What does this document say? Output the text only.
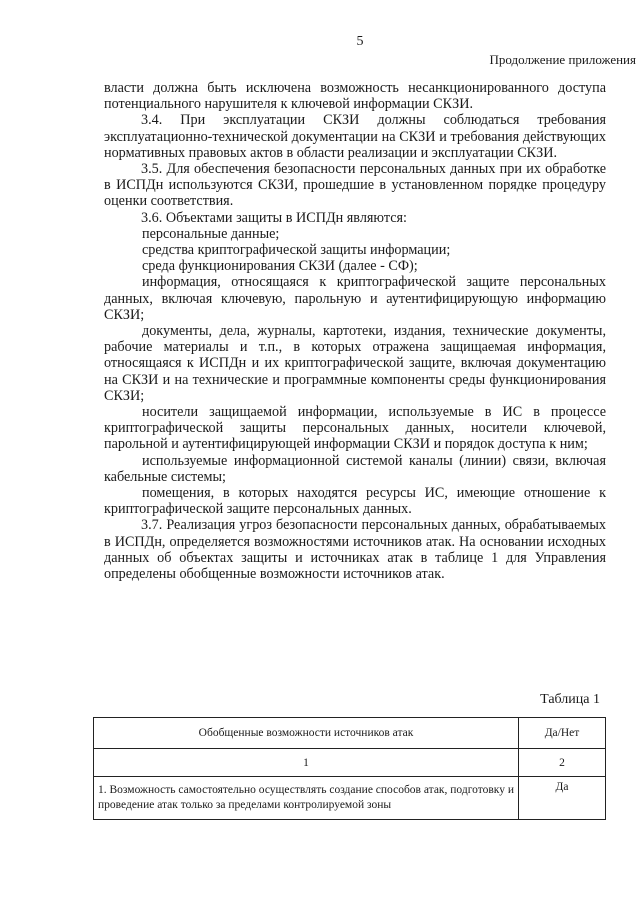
5
Продолжение приложения

власти должна быть исключена возможность несанкционированного доступа потенциального нарушителя к ключевой информации СКЗИ.

3.4. При эксплуатации СКЗИ должны соблюдаться требования эксплуатационно-технической документации на СКЗИ и требования действующих нормативных правовых актов в области реализации и эксплуатации СКЗИ.

3.5. Для обеспечения безопасности персональных данных при их обработке в ИСПДн используются СКЗИ, прошедшие в установленном порядке процедуру оценки соответствия.

3.6. Объектами защиты в ИСПДн являются:

персональные данные;

средства криптографической защиты информации;

среда функционирования СКЗИ (далее - СФ);

информация, относящаяся к криптографической защите персональных данных, включая ключевую, парольную и аутентифицирующую информацию СКЗИ;

документы, дела, журналы, картотеки, издания, технические документы, рабочие материалы и т.п., в которых отражена защищаемая информация, относящаяся к ИСПДн и их криптографической защите, включая документацию на СКЗИ и на технические и программные компоненты среды функционирования СКЗИ;

носители защищаемой информации, используемые в ИС в процессе криптографической защиты персональных данных, носители ключевой, парольной и аутентифицирующей информации СКЗИ и порядок доступа к ним;

используемые информационной системой каналы (линии) связи, включая кабельные системы;

помещения, в которых находятся ресурсы ИС, имеющие отношение к криптографической защите персональных данных.

3.7. Реализация угроз безопасности персональных данных, обрабатываемых в ИСПДн, определяется возможностями источников атак. На основании исходных данных об объектах защиты и источниках атак в таблице 1 для Управления определены обобщенные возможности источников атак.

Таблица 1
Обобщенные возможности источников атак	Да/Нет
1	2
1. Возможность самостоятельно осуществлять создание способов атак, подготовку и проведение атак только за пределами контролируемой зоны	Да
